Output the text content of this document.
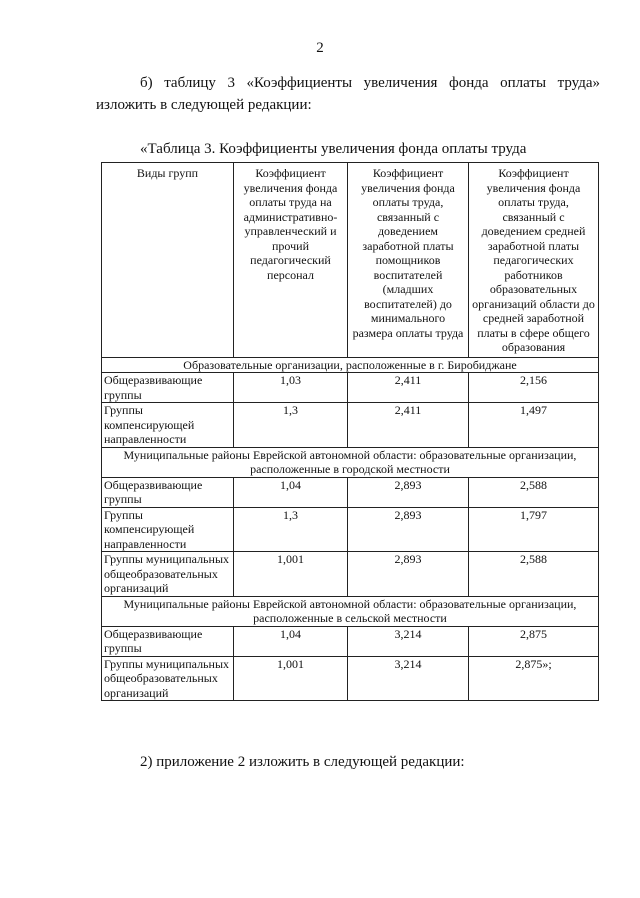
2

б) таблицу 3 «Коэффициенты увеличения фонда оплаты труда» изложить в следующей редакции:

«Таблица 3. Коэффициенты увеличения фонда оплаты труда
Виды групп	Коэффициент увеличения фонда оплаты труда на административно-управленческий и прочий педагогический персонал	Коэффициент увеличения фонда оплаты труда, связанный с доведением заработной платы помощников воспитателей (младших воспитателей) до минимального размера оплаты труда	Коэффициент увеличения фонда оплаты труда, связанный с доведением средней заработной платы педагогических работников образовательных организаций области до средней заработной платы в сфере общего образования
Образовательные организации, расположенные в г. Биробиджане			
Общеразвивающие группы	1,03	2,411	2,156
Группы компенсирующей направленности	1,3	2,411	1,497
Муниципальные районы Еврейской автономной области: образовательные организации, расположенные в городской местности			
Общеразвивающие группы	1,04	2,893	2,588
Группы компенсирующей направленности	1,3	2,893	1,797
Группы муниципальных общеобразовательных организаций	1,001	2,893	2,588
Муниципальные районы Еврейской автономной области: образовательные организации, расположенные в сельской местности			
Общеразвивающие группы	1,04	3,214	2,875
Группы муниципальных общеобразовательных организаций	1,001	3,214	2,875»;

2) приложение 2 изложить в следующей редакции:
